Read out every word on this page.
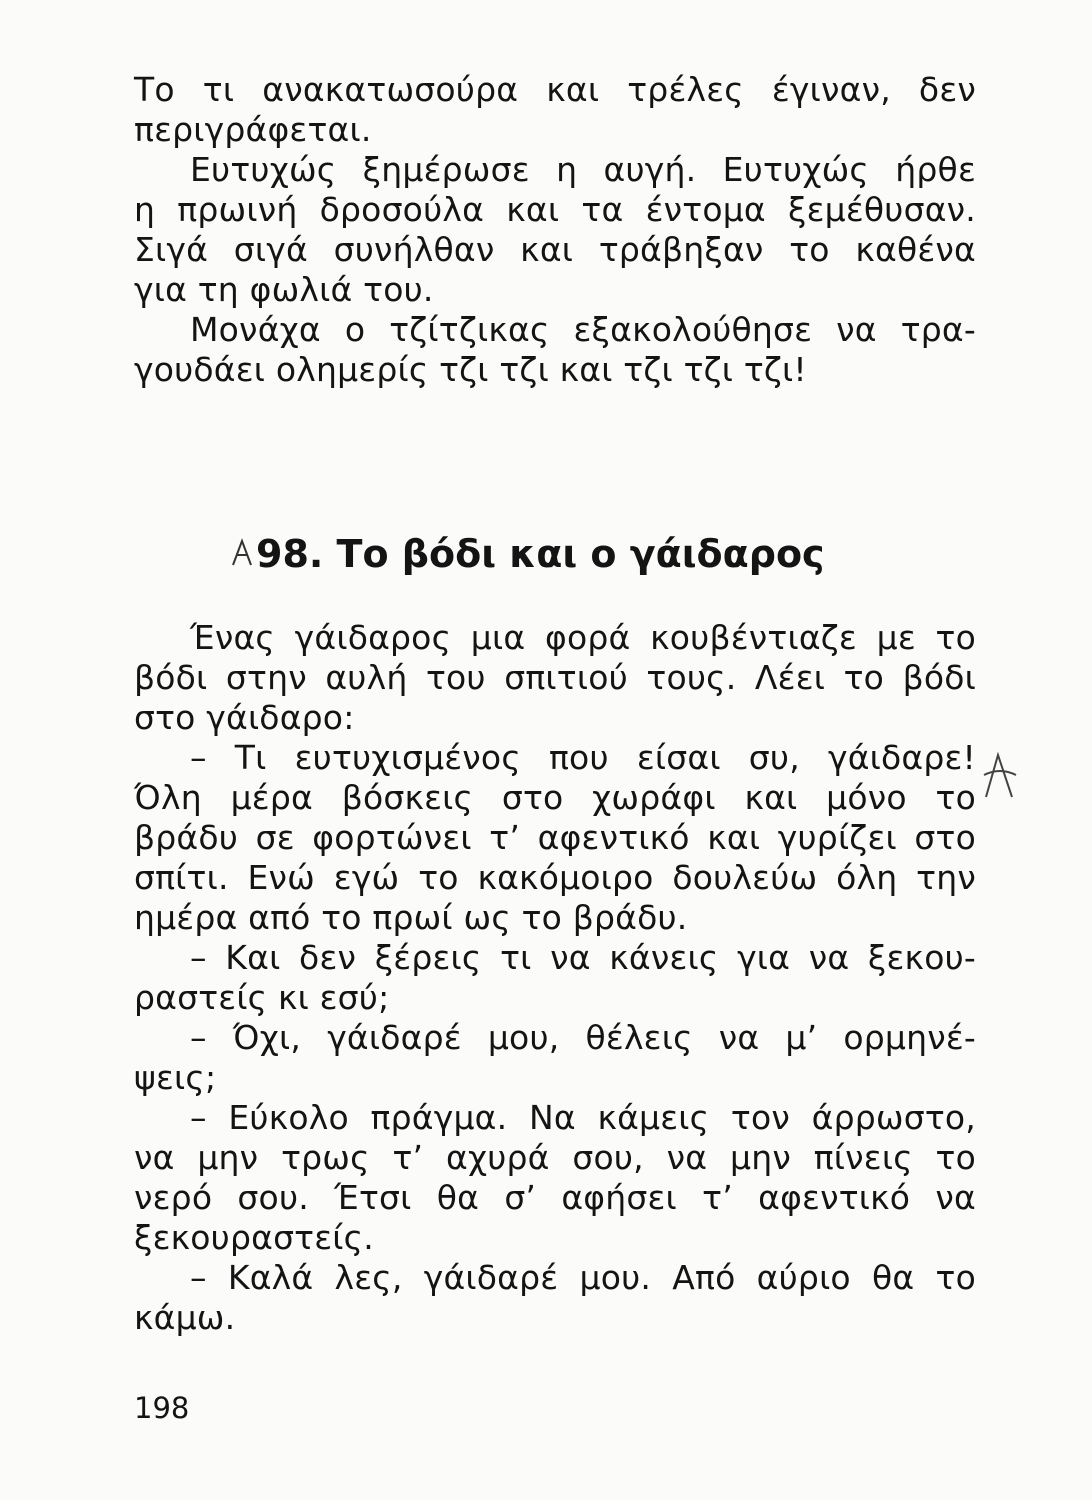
Το τι ανακατωσούρα και τρέλες έγιναν, δεν
περιγράφεται.
Ευτυχώς ξημέρωσε η αυγή. Ευτυχώς ήρθε
η πρωινή δροσούλα και τα έντομα ξεμέθυσαν.
Σιγά σιγά συνήλθαν και τράβηξαν το καθένα
για τη φωλιά του.
Μονάχα ο τζίτζικας εξακολούθησε να τρα-
γουδάει ολημερίς τζι τζι και τζι τζι τζι!
98. Το βόδι και ο γάιδαρος
Ένας γάιδαρος μια φορά κουβέντιαζε με το
βόδι στην αυλή του σπιτιού τους. Λέει το βόδι
στο γάιδαρο:
– Τι ευτυχισμένος που είσαι συ, γάιδαρε!
Όλη μέρα βόσκεις στο χωράφι και μόνο το
βράδυ σε φορτώνει τ’ αφεντικό και γυρίζει στο
σπίτι. Ενώ εγώ το κακόμοιρο δουλεύω όλη την
ημέρα από το πρωί ως το βράδυ.
– Και δεν ξέρεις τι να κάνεις για να ξεκου-
ραστείς κι εσύ;
– Όχι, γάιδαρέ μου, θέλεις να μ’ ορμηνέ-
ψεις;
– Εύκολο πράγμα. Να κάμεις τον άρρωστο,
να μην τρως τ’ αχυρά σου, να μην πίνεις το
νερό σου. Έτσι θα σ’ αφήσει τ’ αφεντικό να
ξεκουραστείς.
– Καλά λες, γάιδαρέ μου. Από αύριο θα το
κάμω.
198
